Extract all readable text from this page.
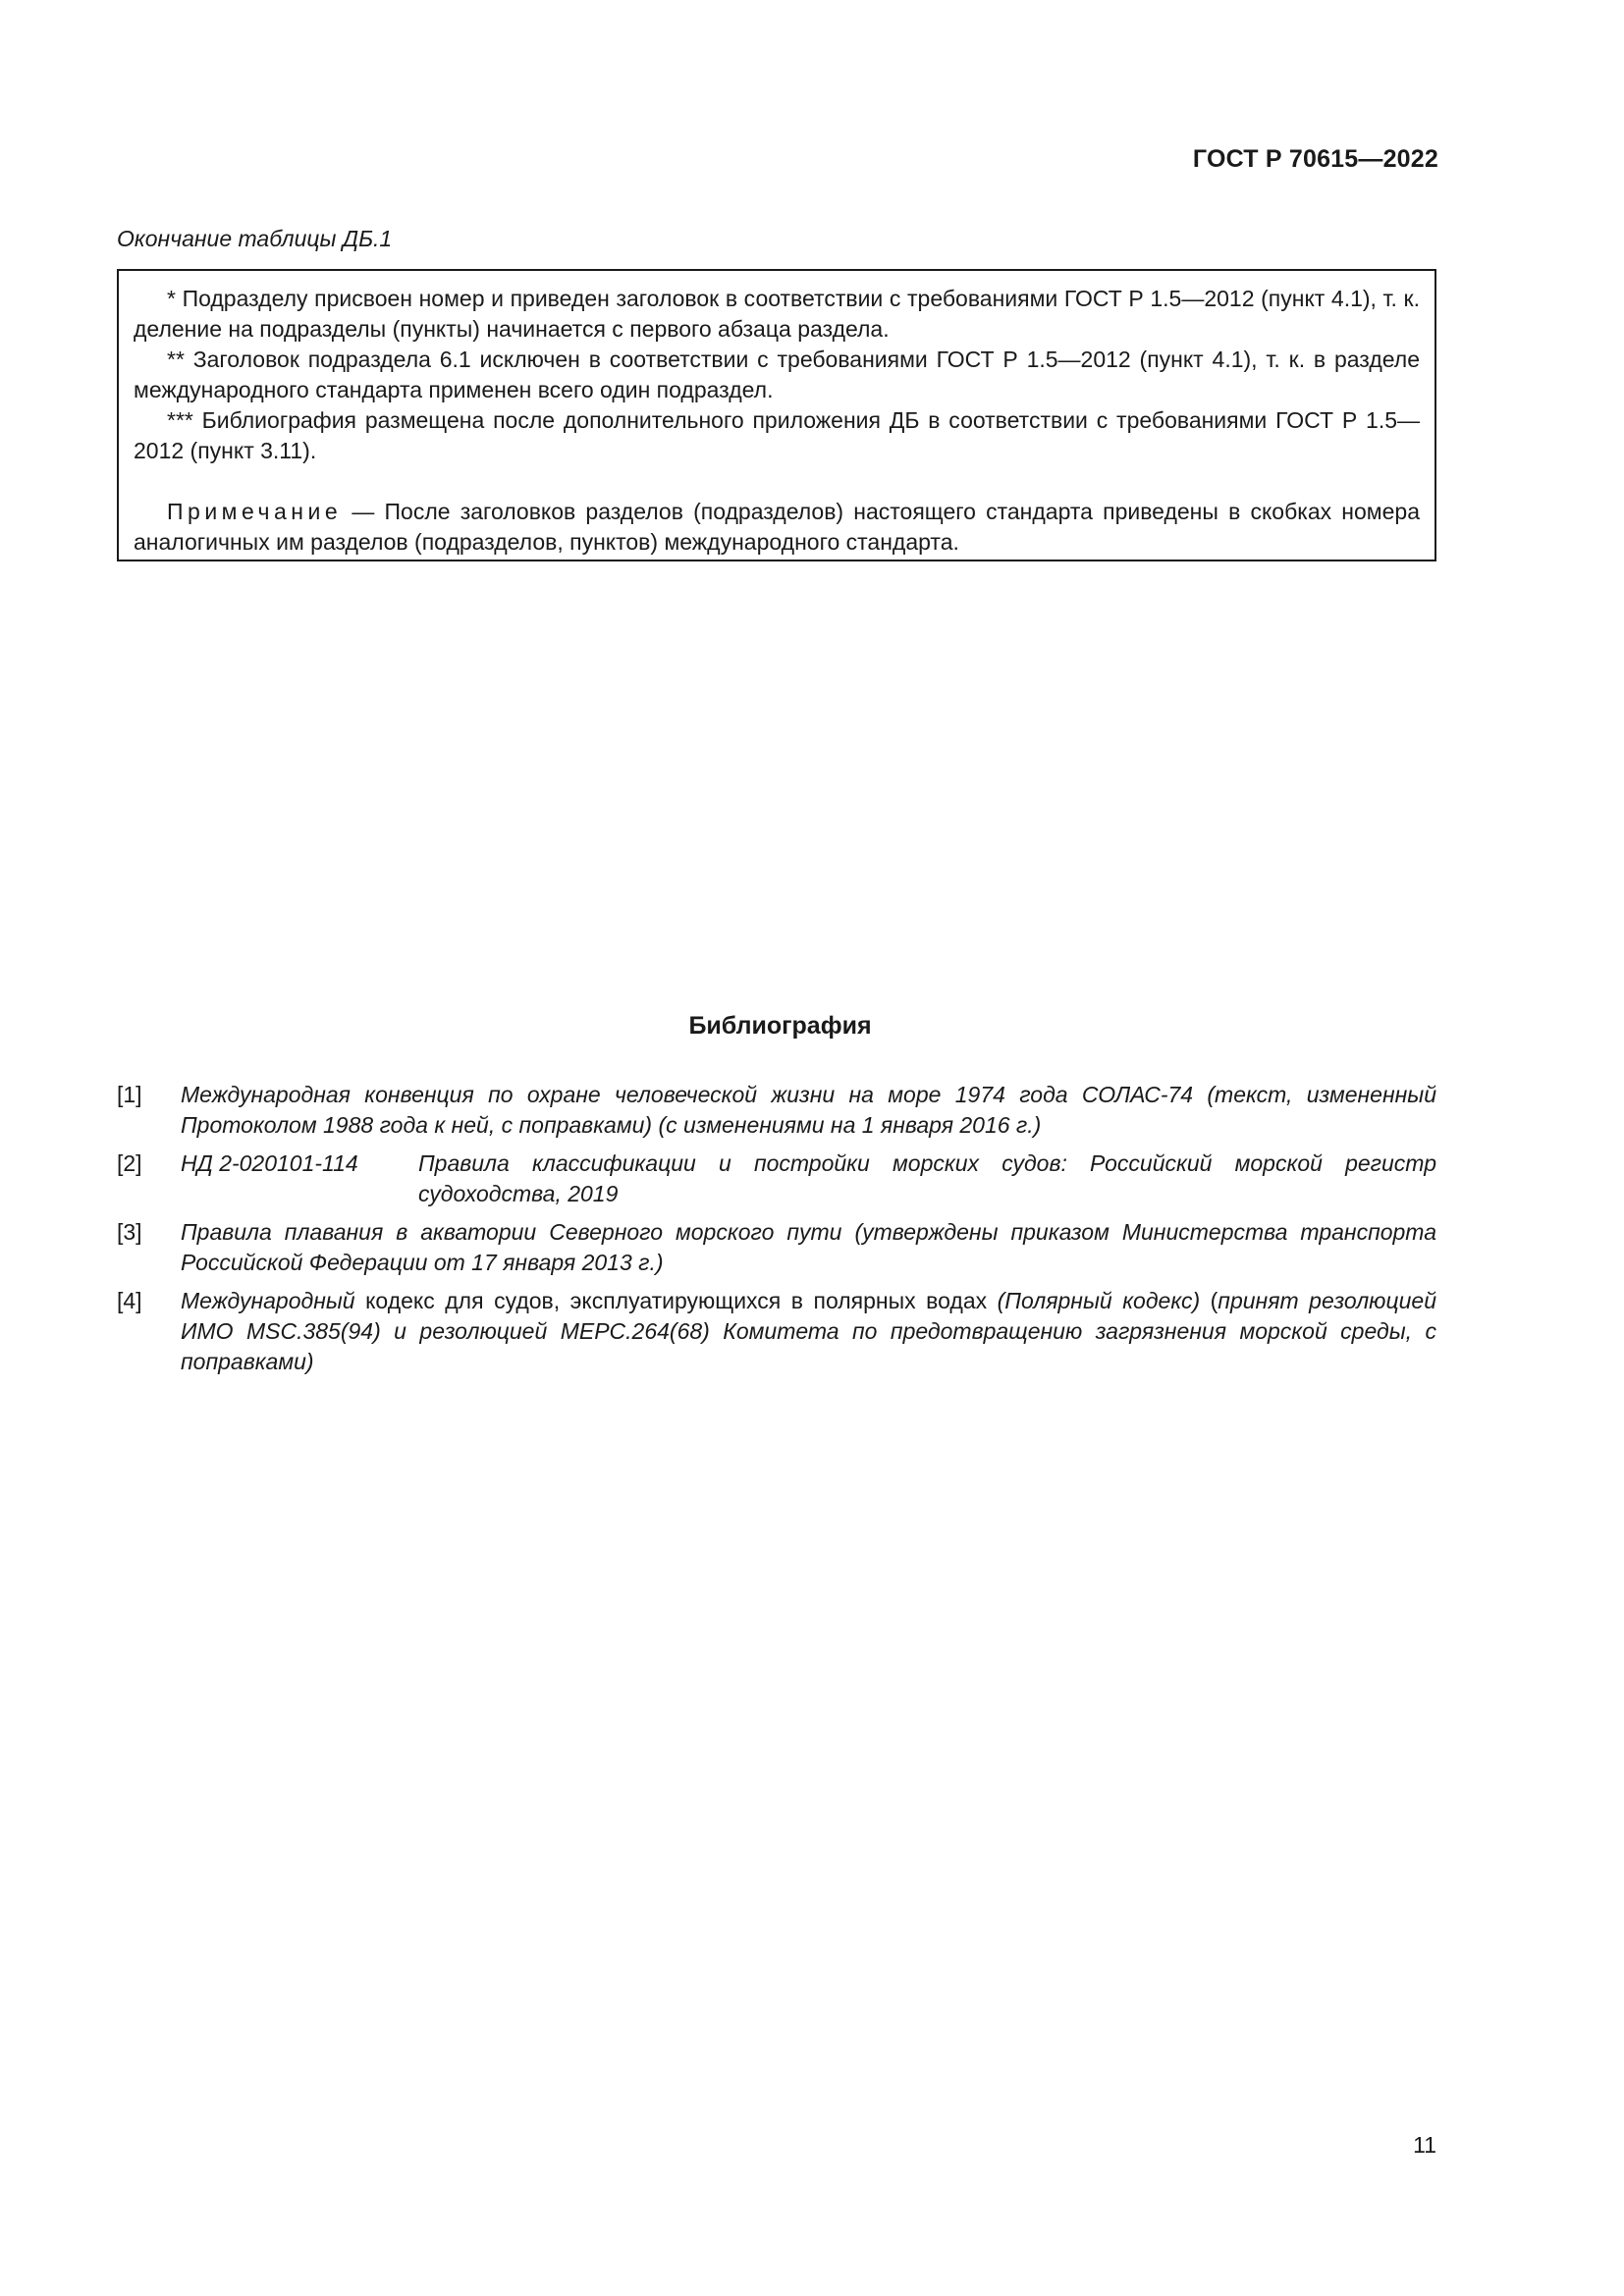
ГОСТ Р 70615—2022
Окончание таблицы ДБ.1

* Подразделу присвоен номер и приведен заголовок в соответствии с требованиями ГОСТ Р 1.5—2012 (пункт 4.1), т. к. деление на подразделы (пункты) начинается с первого абзаца раздела.

** Заголовок подраздела 6.1 исключен в соответствии с требованиями ГОСТ Р 1.5—2012 (пункт 4.1), т. к. в разделе международного стандарта применен всего один подраздел.

*** Библиография размещена после дополнительного приложения ДБ в соответствии с требованиями ГОСТ Р 1.5—2012 (пункт 3.11).

Примечание — После заголовков разделов (подразделов) настоящего стандарта приведены в скобках номера аналогичных им разделов (подразделов, пунктов) международного стандарта.

Библиография
[1]	Международная конвенция по охране человеческой жизни на море 1974 года СОЛАС-74 (текст, измененный Протоколом 1988 года к ней, с поправками) (с изменениями на 1 января 2016 г.)
[2]	НД 2-020101-114	Правила классификации и постройки морских судов: Российский морской регистр судоходства, 2019
[3]	Правила плавания в акватории Северного морского пути (утверждены приказом Министерства транспорта Российской Федерации от 17 января 2013 г.)
[4]	Международный кодекс для судов, эксплуатирующихся в полярных водах (Полярный кодекс) (принят резолюцией ИМО MSC.385(94) и резолюцией MEPC.264(68) Комитета по предотвращению загрязнения морской среды, с поправками)
11
